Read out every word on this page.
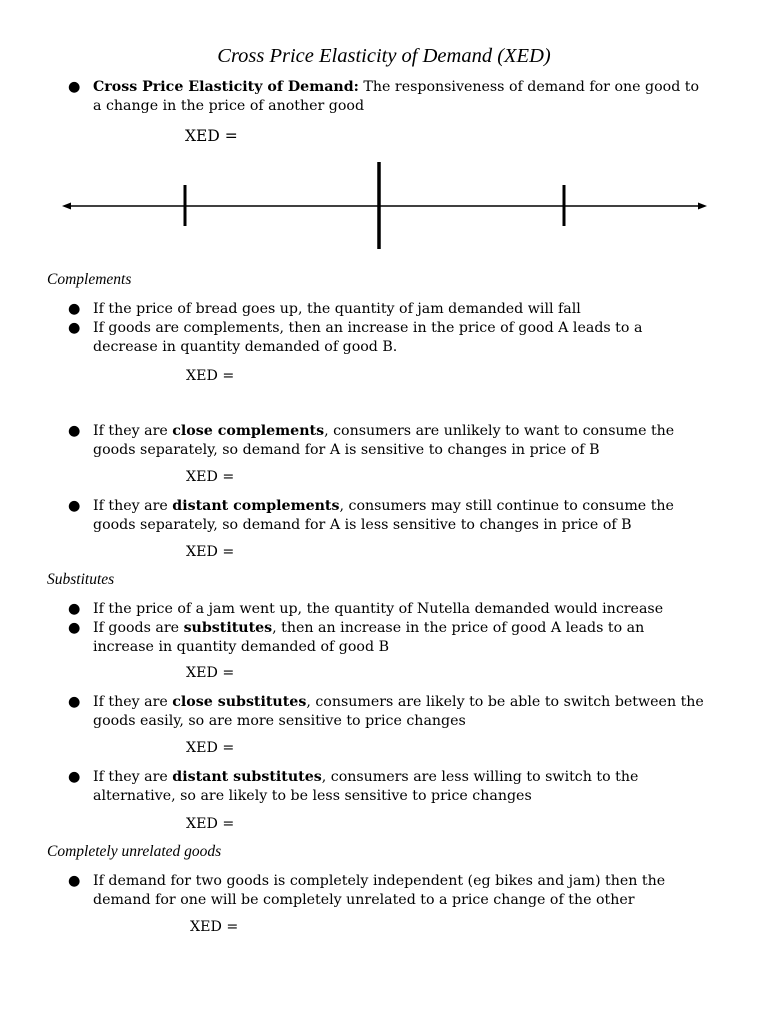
Cross Price Elasticity of Demand (XED)
● Cross Price Elasticity of Demand: The responsiveness of demand for one good to a change in the price of another good
XED =
Complements
● If the price of bread goes up, the quantity of jam demanded will fall
● If goods are complements, then an increase in the price of good A leads to a decrease in quantity demanded of good B.
XED =
● If they are close complements, consumers are unlikely to want to consume the goods separately, so demand for A is sensitive to changes in price of B
XED =
● If they are distant complements, consumers may still continue to consume the goods separately, so demand for A is less sensitive to changes in price of B
XED =
Substitutes
● If the price of a jam went up, the quantity of Nutella demanded would increase
● If goods are substitutes, then an increase in the price of good A leads to an increase in quantity demanded of good B
XED =
● If they are close substitutes, consumers are likely to be able to switch between the goods easily, so are more sensitive to price changes
XED =
● If they are distant substitutes, consumers are less willing to switch to the alternative, so are likely to be less sensitive to price changes
XED =
Completely unrelated goods
● If demand for two goods is completely independent (eg bikes and jam) then the demand for one will be completely unrelated to a price change of the other
XED =
